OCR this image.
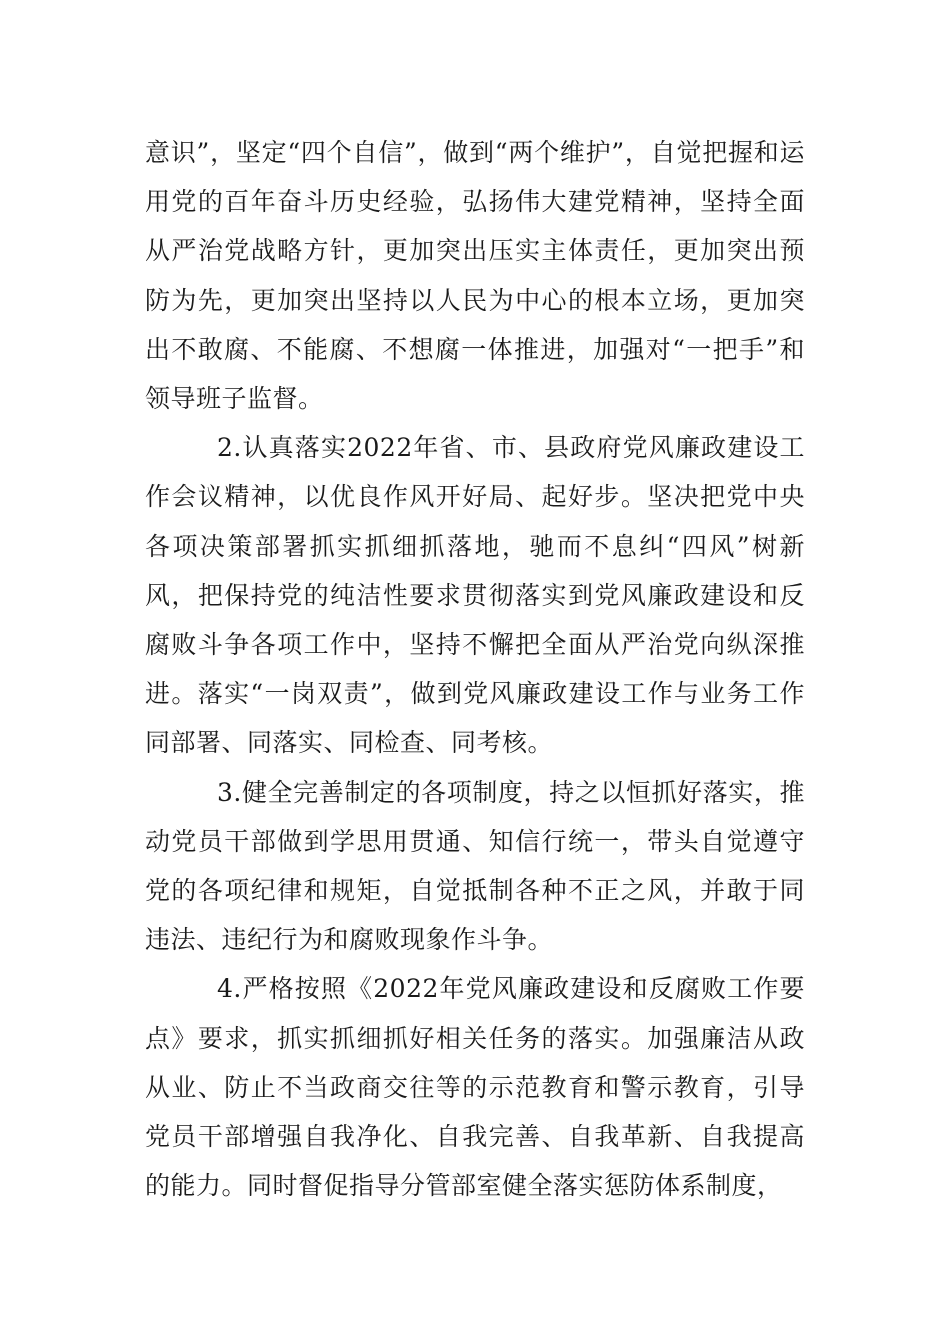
意识”，坚定“四个自信”，做到“两个维护”，自觉把握和运用党的百年奋斗历史经验，弘扬伟大建党精神，坚持全面从严治党战略方针，更加突出压实主体责任，更加突出预防为先，更加突出坚持以人民为中心的根本立场，更加突出不敢腐、不能腐、不想腐一体推进，加强对“一把手”和领导班子监督。

2.认真落实2022年省、市、县政府党风廉政建设工作会议精神，以优良作风开好局、起好步。坚决把党中央各项决策部署抓实抓细抓落地，驰而不息纠“四风”树新风，把保持党的纯洁性要求贯彻落实到党风廉政建设和反腐败斗争各项工作中，坚持不懈把全面从严治党向纵深推进。落实“一岗双责”，做到党风廉政建设工作与业务工作同部署、同落实、同检查、同考核。

3.健全完善制定的各项制度，持之以恒抓好落实，推动党员干部做到学思用贯通、知信行统一，带头自觉遵守党的各项纪律和规矩，自觉抵制各种不正之风，并敢于同违法、违纪行为和腐败现象作斗争。

4.严格按照《2022年党风廉政建设和反腐败工作要点》要求，抓实抓细抓好相关任务的落实。加强廉洁从政从业、防止不当政商交往等的示范教育和警示教育，引导党员干部增强自我净化、自我完善、自我革新、自我提高的能力。同时督促指导分管部室健全落实惩防体系制度，
